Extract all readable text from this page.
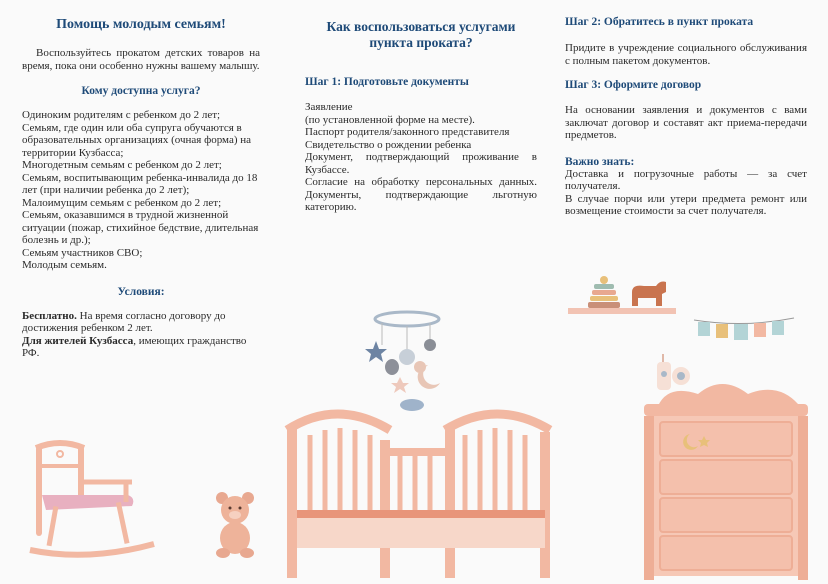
Помощь молодым семьям!

Воспользуйтесь прокатом детских товаров на время, пока они особенно нужны вашему малышу.

Кому доступна услуга?

Одиноким родителям с ребенком до 2 лет;

Семьям, где один или оба супруга обучаются в образовательных организациях (очная форма) на территории Кузбасса;

Многодетным семьям с ребенком до 2 лет;

Семьям, воспитывающим ребенка-инвалида до 18 лет (при наличии ребенка до 2 лет);

Малоимущим семьям с ребенком до 2 лет;

Семьям, оказавшимся в трудной жизненной ситуации (пожар, стихийное бедствие, длительная болезнь и др.);

Семьям участников СВО;

Молодым семьям.

Условия:

Бесплатно. На время согласно договору до достижения ребенком 2 лет.

Для жителей Кузбасса, имеющих гражданство РФ.

Как воспользоваться услугами пункта проката?
Шаг 1: Подготовьте документы

Заявление

(по установленной форме на месте).

Паспорт родителя/законного представителя

Свидетельство о рождении ребенка

Документ, подтверждающий проживание в Кузбассе.

Согласие на обработку персональных данных. Документы, подтверждающие льготную категорию.

Шаг 2: Обратитесь в пункт проката

Придите в учреждение социального обслуживания с полным пакетом документов.

Шаг 3: Оформите договор

На основании заявления и документов с вами заключат договор и составят акт приема-передачи предметов.

Важно знать:

Доставка и погрузочные работы — за счет получателя.

В случае порчи или утери предмета ремонт или возмещение стоимости за счет получателя.
